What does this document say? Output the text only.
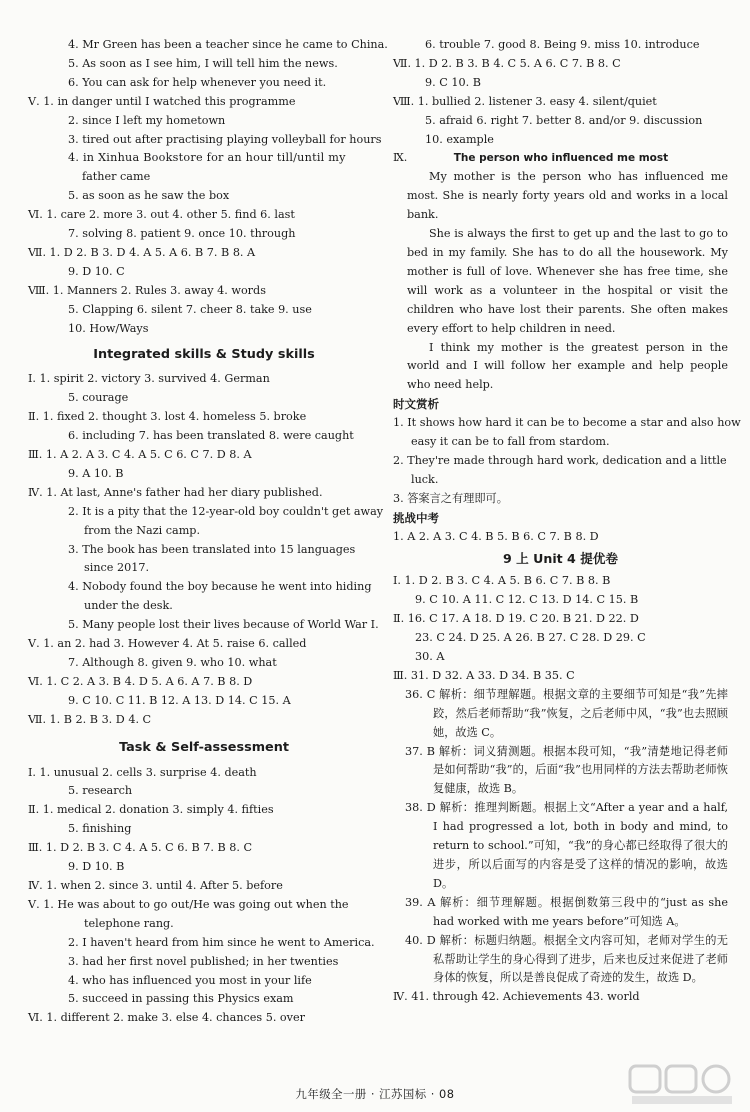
4. Mr Green has been a teacher since he came to China.
5. As soon as I see him, I will tell him the news.
6. You can ask for help whenever you need it.
Ⅴ. 1. in danger until I watched this programme
2. since I left my hometown
3. tired out after practising playing volleyball for hours
4. in Xinhua Bookstore for an hour till/until my
father came
5. as soon as he saw the box
Ⅵ. 1. care 2. more 3. out 4. other 5. find 6. last
7. solving 8. patient 9. once 10. through
Ⅶ. 1. D 2. B 3. D 4. A 5. A 6. B 7. B 8. A
9. D 10. C
Ⅷ. 1. Manners 2. Rules 3. away 4. words
5. Clapping 6. silent 7. cheer 8. take 9. use
10. How/Ways
Integrated skills & Study skills
Ⅰ. 1. spirit 2. victory 3. survived 4. German
5. courage
Ⅱ. 1. fixed 2. thought 3. lost 4. homeless 5. broke
6. including 7. has been translated 8. were caught
Ⅲ. 1. A 2. A 3. C 4. A 5. C 6. C 7. D 8. A
9. A 10. B
Ⅳ. 1. At last, Anne's father had her diary published.
2. It is a pity that the 12-year-old boy couldn't get away
from the Nazi camp.
3. The book has been translated into 15 languages
since 2017.
4. Nobody found the boy because he went into hiding
under the desk.
5. Many people lost their lives because of World War Ⅰ.
Ⅴ. 1. an 2. had 3. However 4. At 5. raise 6. called
7. Although 8. given 9. who 10. what
Ⅵ. 1. C 2. A 3. B 4. D 5. A 6. A 7. B 8. D
9. C 10. C 11. B 12. A 13. D 14. C 15. A
Ⅶ. 1. B 2. B 3. D 4. C
Task & Self-assessment
Ⅰ. 1. unusual 2. cells 3. surprise 4. death
5. research
Ⅱ. 1. medical 2. donation 3. simply 4. fifties
5. finishing
Ⅲ. 1. D 2. B 3. C 4. A 5. C 6. B 7. B 8. C
9. D 10. B
Ⅳ. 1. when 2. since 3. until 4. After 5. before
Ⅴ. 1. He was about to go out/He was going out when the
telephone rang.
2. I haven't heard from him since he went to America.
3. had her first novel published; in her twenties
4. who has influenced you most in your life
5. succeed in passing this Physics exam
Ⅵ. 1. different 2. make 3. else 4. chances 5. over
6. trouble 7. good 8. Being 9. miss 10. introduce
Ⅶ. 1. D 2. B 3. B 4. C 5. A 6. C 7. B 8. C
9. C 10. B
Ⅷ. 1. bullied 2. listener 3. easy 4. silent/quiet
5. afraid 6. right 7. better 8. and/or 9. discussion
10. example
Ⅸ.	The person who influenced me most
My mother is the person who has influenced me most. She is nearly forty years old and works in a local bank.
She is always the first to get up and the last to go to bed in my family. She has to do all the housework. My mother is full of love. Whenever she has free time, she will work as a volunteer in the hospital or visit the children who have lost their parents. She often makes every effort to help children in need.
I think my mother is the greatest person in the world and I will follow her example and help people who need help.
时文赏析
1. It shows how hard it can be to become a star and also how
easy it can be to fall from stardom.
2. They're made through hard work, dedication and a little
luck.
3. 答案言之有理即可。
挑战中考
1. A 2. A 3. C 4. B 5. B 6. C 7. B 8. D
9 上 Unit 4 提优卷
Ⅰ. 1. D 2. B 3. C 4. A 5. B 6. C 7. B 8. B
9. C 10. A 11. C 12. C 13. D 14. C 15. B
Ⅱ. 16. C 17. A 18. D 19. C 20. B 21. D 22. D
23. C 24. D 25. A 26. B 27. C 28. D 29. C
30. A
Ⅲ. 31. D 32. A 33. D 34. B 35. C
36. C 解析：细节理解题。根据文章的主要细节可知是“我”先摔跤，然后老师帮助“我”恢复，之后老师中风，“我”也去照顾她，故选 C。
37. B 解析：词义猜测题。根据本段可知，“我”清楚地记得老师是如何帮助“我”的，后面“我”也用同样的方法去帮助老师恢复健康，故选 B。
38. D 解析：推理判断题。根据上文“After a year and a half, I had progressed a lot, both in body and mind, to return to school.”可知，“我”的身心都已经取得了很大的进步，所以后面写的内容是受了这样的情况的影响，故选 D。
39. A 解析：细节理解题。根据倒数第三段中的“just as she had worked with me years before”可知选 A。
40. D 解析：标题归纳题。根据全文内容可知，老师对学生的无私帮助让学生的身心得到了进步，后来也反过来促进了老师身体的恢复，所以是善良促成了奇迹的发生，故选 D。
Ⅳ. 41. through 42. Achievements 43. world
九年级全一册 · 江苏国标 · 08
